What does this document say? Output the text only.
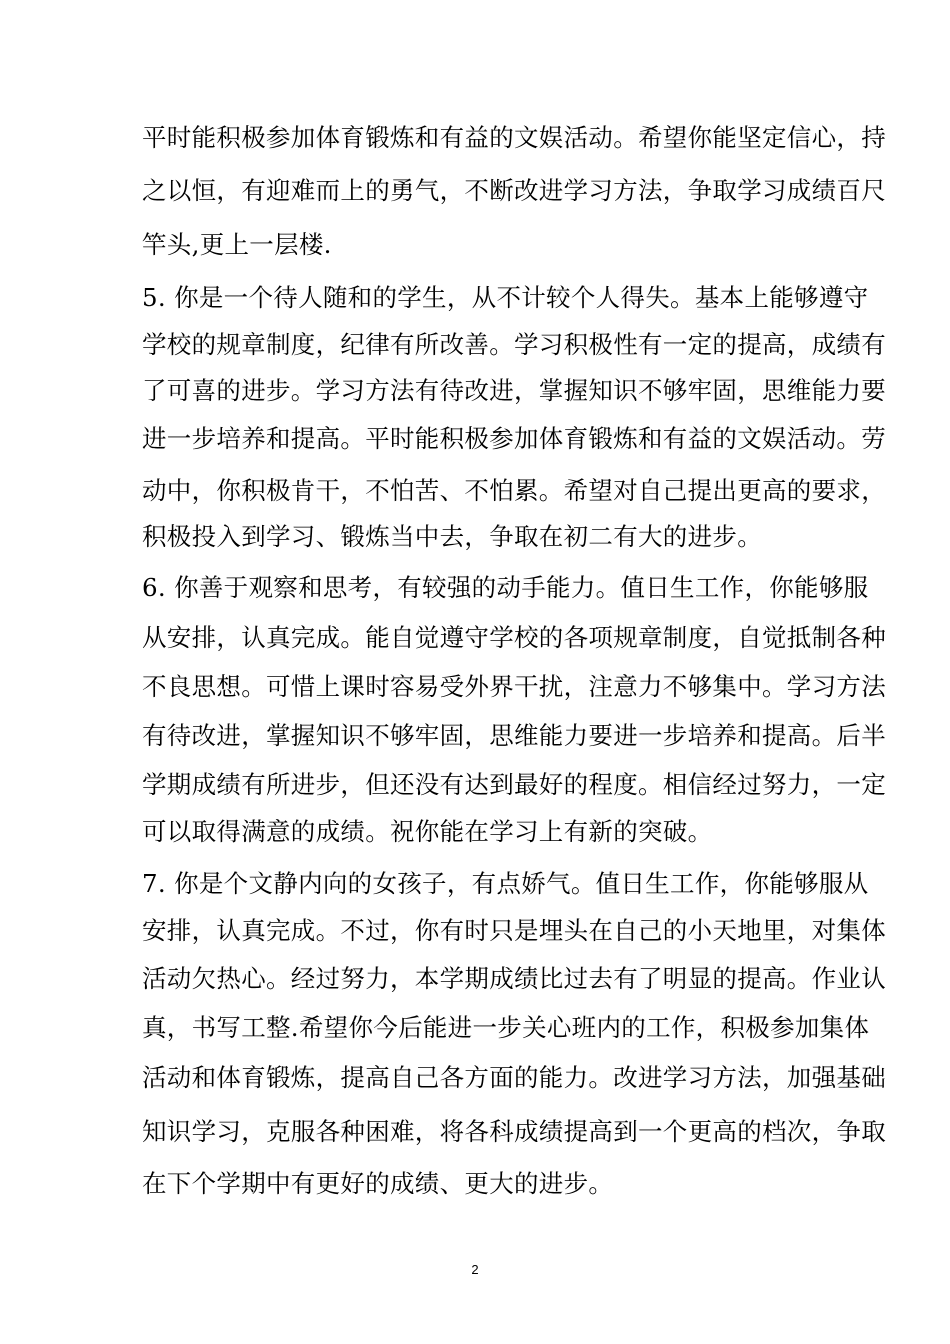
平时能积极参加体育锻炼和有益的文娱活动。希望你能坚定信心，持
之以恒，有迎难而上的勇气，不断改进学习方法，争取学习成绩百尺
竿头,更上一层楼.
5. 你是一个待人随和的学生，从不计较个人得失。基本上能够遵守
学校的规章制度，纪律有所改善。学习积极性有一定的提高，成绩有
了可喜的进步。学习方法有待改进，掌握知识不够牢固，思维能力要
进一步培养和提高。平时能积极参加体育锻炼和有益的文娱活动。劳
动中，你积极肯干，不怕苦、不怕累。希望对自己提出更高的要求，
积极投入到学习、锻炼当中去，争取在初二有大的进步。
6. 你善于观察和思考，有较强的动手能力。值日生工作，你能够服
从安排，认真完成。能自觉遵守学校的各项规章制度，自觉抵制各种
不良思想。可惜上课时容易受外界干扰，注意力不够集中。学习方法
有待改进，掌握知识不够牢固，思维能力要进一步培养和提高。后半
学期成绩有所进步，但还没有达到最好的程度。相信经过努力，一定
可以取得满意的成绩。祝你能在学习上有新的突破。
7. 你是个文静内向的女孩子，有点娇气。值日生工作，你能够服从
安排，认真完成。不过，你有时只是埋头在自己的小天地里，对集体
活动欠热心。经过努力，本学期成绩比过去有了明显的提高。作业认
真，书写工整.希望你今后能进一步关心班内的工作，积极参加集体
活动和体育锻炼，提高自己各方面的能力。改进学习方法，加强基础
知识学习，克服各种困难，将各科成绩提高到一个更高的档次，争取
在下个学期中有更好的成绩、更大的进步。
2
